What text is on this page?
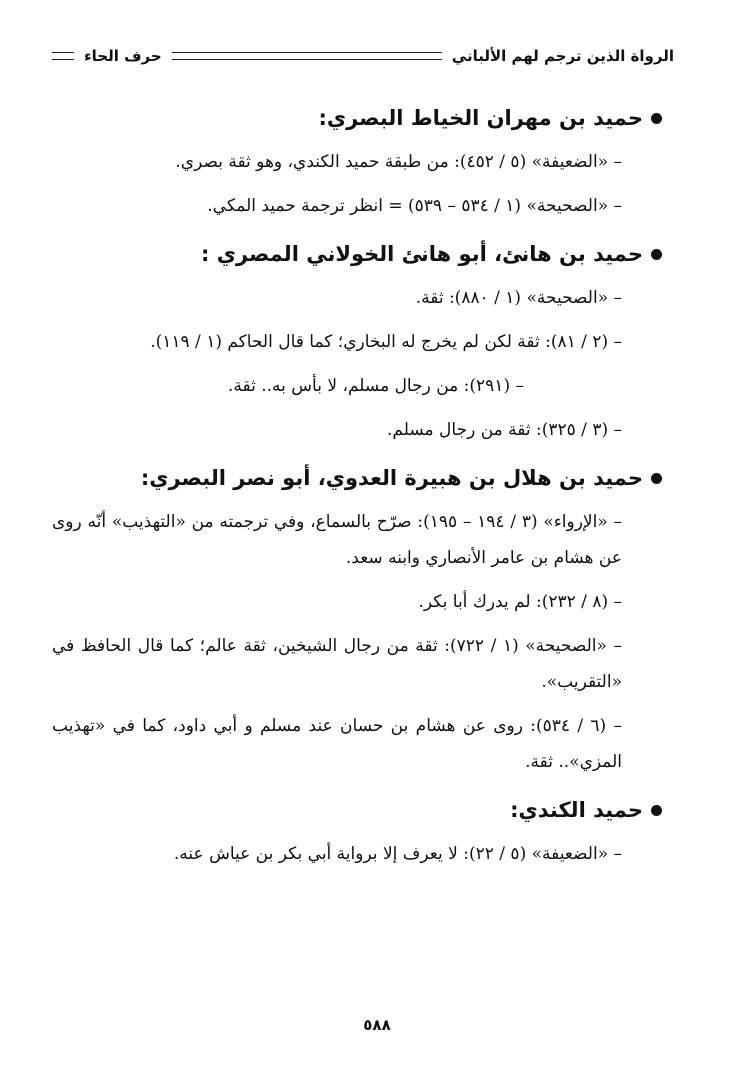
الرواة الذين ترجم لهم الألباني
حرف الحاء
حميد بن مهران الخياط البصري:

– «الضعيفة» (٥ / ٤٥٢): من طبقة حميد الكندي، وهو ثقة بصري.

– «الصحيحة» (١ / ٥٣٤ – ٥٣٩) = انظر ترجمة حميد المكي.

حميد بن هانئ، أبو هانئ الخولاني المصري :

– «الصحيحة» (١ / ٨٨٠): ثقة.

– (٢ / ٨١): ثقة لكن لم يخرج له البخاري؛ كما قال الحاكم (١ / ١١٩).

– (٢٩١): من رجال مسلم، لا بأس به.. ثقة.

– (٣ / ٣٢٥): ثقة من رجال مسلم.

حميد بن هلال بن هبيرة العدوي، أبو نصر البصري:

– «الإرواء» (٣ / ١٩٤ – ١٩٥): صرّح بالسماع، وفي ترجمته من «التهذيب» أنّه روى عن هشام بن عامر الأنصاري وابنه سعد.

– (٨ / ٢٣٢): لم يدرك أبا بكر.

– «الصحيحة» (١ / ٧٢٢): ثقة من رجال الشيخين، ثقة عالم؛ كما قال الحافظ في «التقريب».

– (٦ / ٥٣٤): روى عن هشام بن حسان عند مسلم و أبي داود، كما في «تهذيب المزي».. ثقة.

حميد الكندي:

– «الضعيفة» (٥ / ٢٢): لا يعرف إلا برواية أبي بكر بن عياش عنه.

٥٨٨
